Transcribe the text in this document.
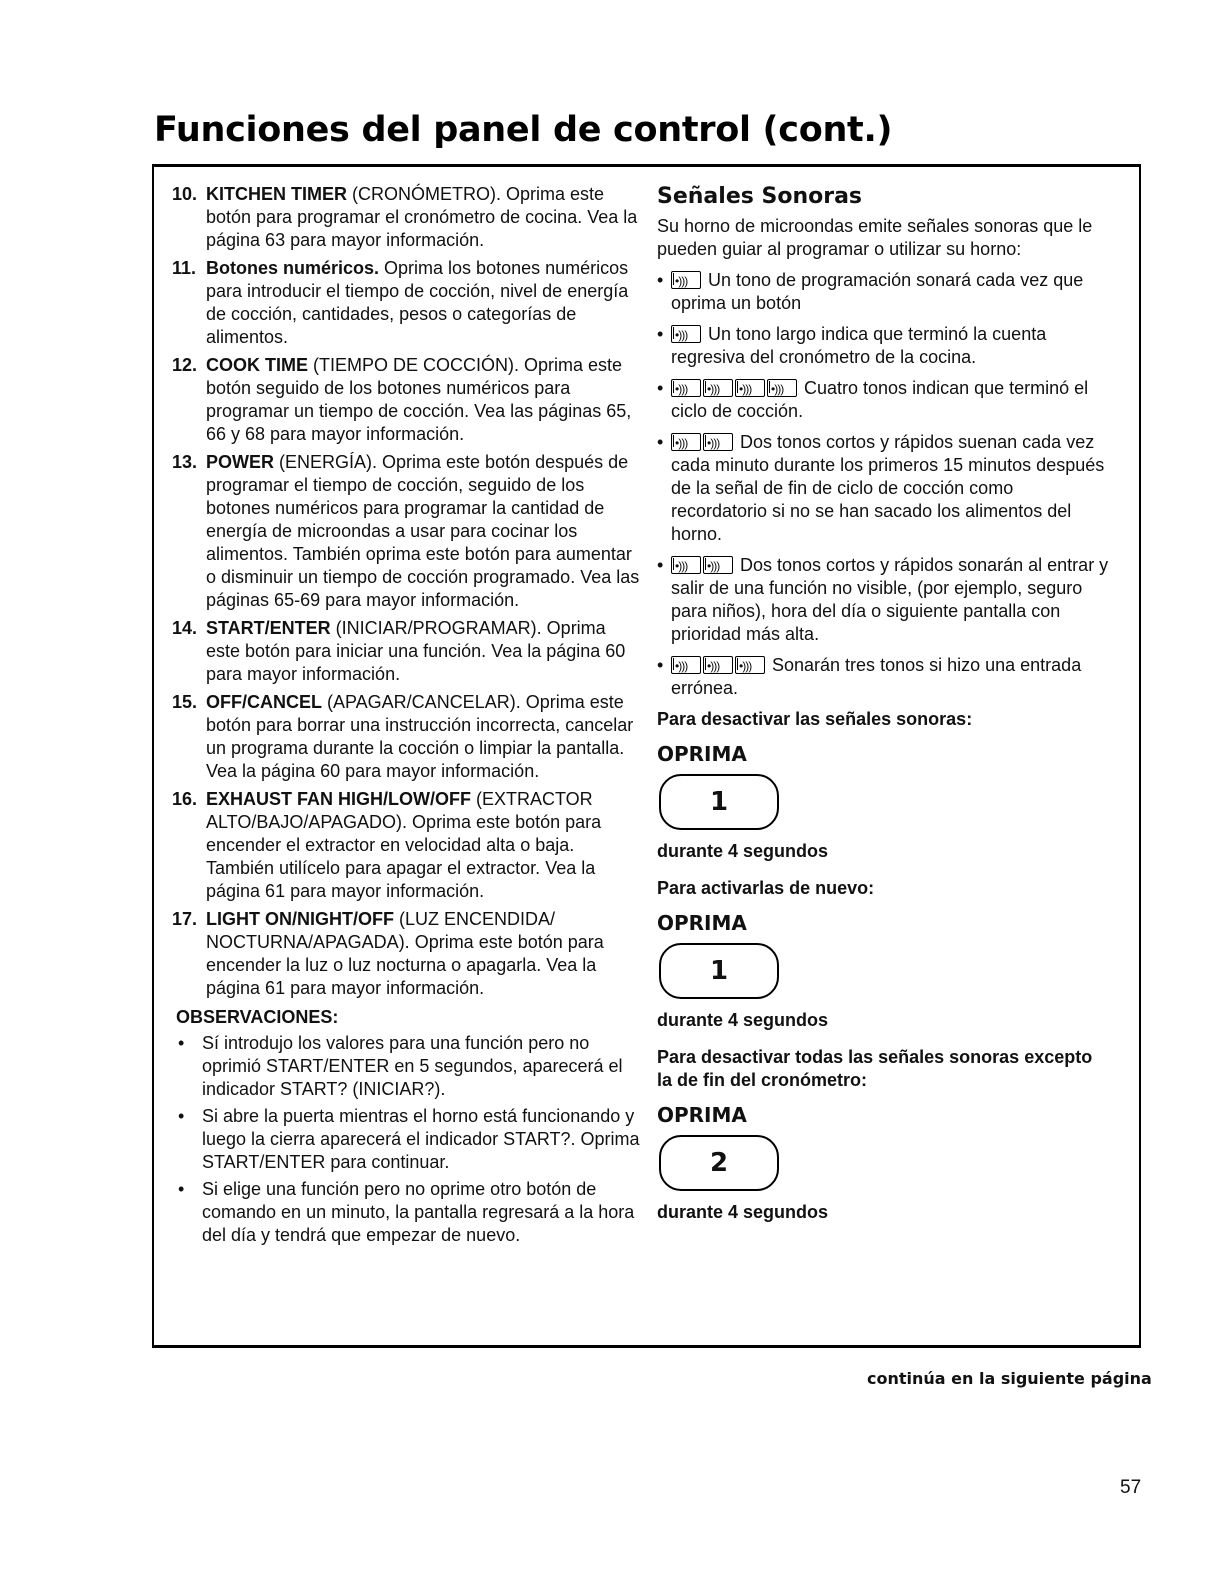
Funciones del panel de control (cont.)
10. KITCHEN TIMER (CRONÓMETRO). Oprima este botón para programar el cronómetro de cocina. Vea la página 63 para mayor información.
11. Botones numéricos. Oprima los botones numéricos para introducir el tiempo de cocción, nivel de energía de cocción, cantidades, pesos o categorías de alimentos.
12. COOK TIME (TIEMPO DE COCCIÓN). Oprima este botón seguido de los botones numéricos para programar un tiempo de cocción. Vea las páginas 65, 66 y 68 para mayor información.
13. POWER (ENERGÍA). Oprima este botón después de programar el tiempo de cocción, seguido de los botones numéricos para programar la cantidad de energía de microondas a usar para cocinar los alimentos. También oprima este botón para aumentar o disminuir un tiempo de cocción programado. Vea las páginas 65-69 para mayor información.
14. START/ENTER (INICIAR/PROGRAMAR). Oprima este botón para iniciar una función. Vea la página 60 para mayor información.
15. OFF/CANCEL (APAGAR/CANCELAR). Oprima este botón para borrar una instrucción incorrecta, cancelar un programa durante la cocción o limpiar la pantalla. Vea la página 60 para mayor información.
16. EXHAUST FAN HIGH/LOW/OFF (EXTRACTOR ALTO/BAJO/APAGADO). Oprima este botón para encender el extractor en velocidad alta o baja. También utilícelo para apagar el extractor. Vea la página 61 para mayor información.
17. LIGHT ON/NIGHT/OFF (LUZ ENCENDIDA/ NOCTURNA/APAGADA). Oprima este botón para encender la luz o luz nocturna o apagarla. Vea la página 61 para mayor información.
OBSERVACIONES:
• Sí introdujo los valores para una función pero no oprimió START/ENTER en 5 segundos, aparecerá el indicador START? (INICIAR?).
• Si abre la puerta mientras el horno está funcionando y luego la cierra aparecerá el indicador START?. Oprima START/ENTER para continuar.
• Si elige una función pero no oprime otro botón de comando en un minuto, la pantalla regresará a la hora del día y tendrá que empezar de nuevo.
Señales Sonoras
Su horno de microondas emite señales sonoras que le pueden guiar al programar o utilizar su horno:
• •))) Un tono de programación sonará cada vez que oprima un botón
• •))) Un tono largo indica que terminó la cuenta regresiva del cronómetro de la cocina.
• •))) •))) •))) •)))	Cuatro tonos indican que terminó el ciclo de cocción.
• •))) •)))	Dos tonos cortos y rápidos suenan cada vez cada minuto durante los primeros 15 minutos después de la señal de fin de ciclo de cocción como recordatorio si no se han sacado los alimentos del horno.
• •))) •)))	Dos tonos cortos y rápidos sonarán al entrar y salir de una función no visible, (por ejemplo, seguro para niños), hora del día o siguiente pantalla con prioridad más alta.
• •))) •))) •)))	Sonarán tres tonos si hizo una entrada errónea.
Para desactivar las señales sonoras:
OPRIMA
1
durante 4 segundos
Para activarlas de nuevo:
OPRIMA
1
durante 4 segundos
Para desactivar todas las señales sonoras excepto la de fin del cronómetro:
OPRIMA
2
durante 4 segundos
continúa en la siguiente página
57
